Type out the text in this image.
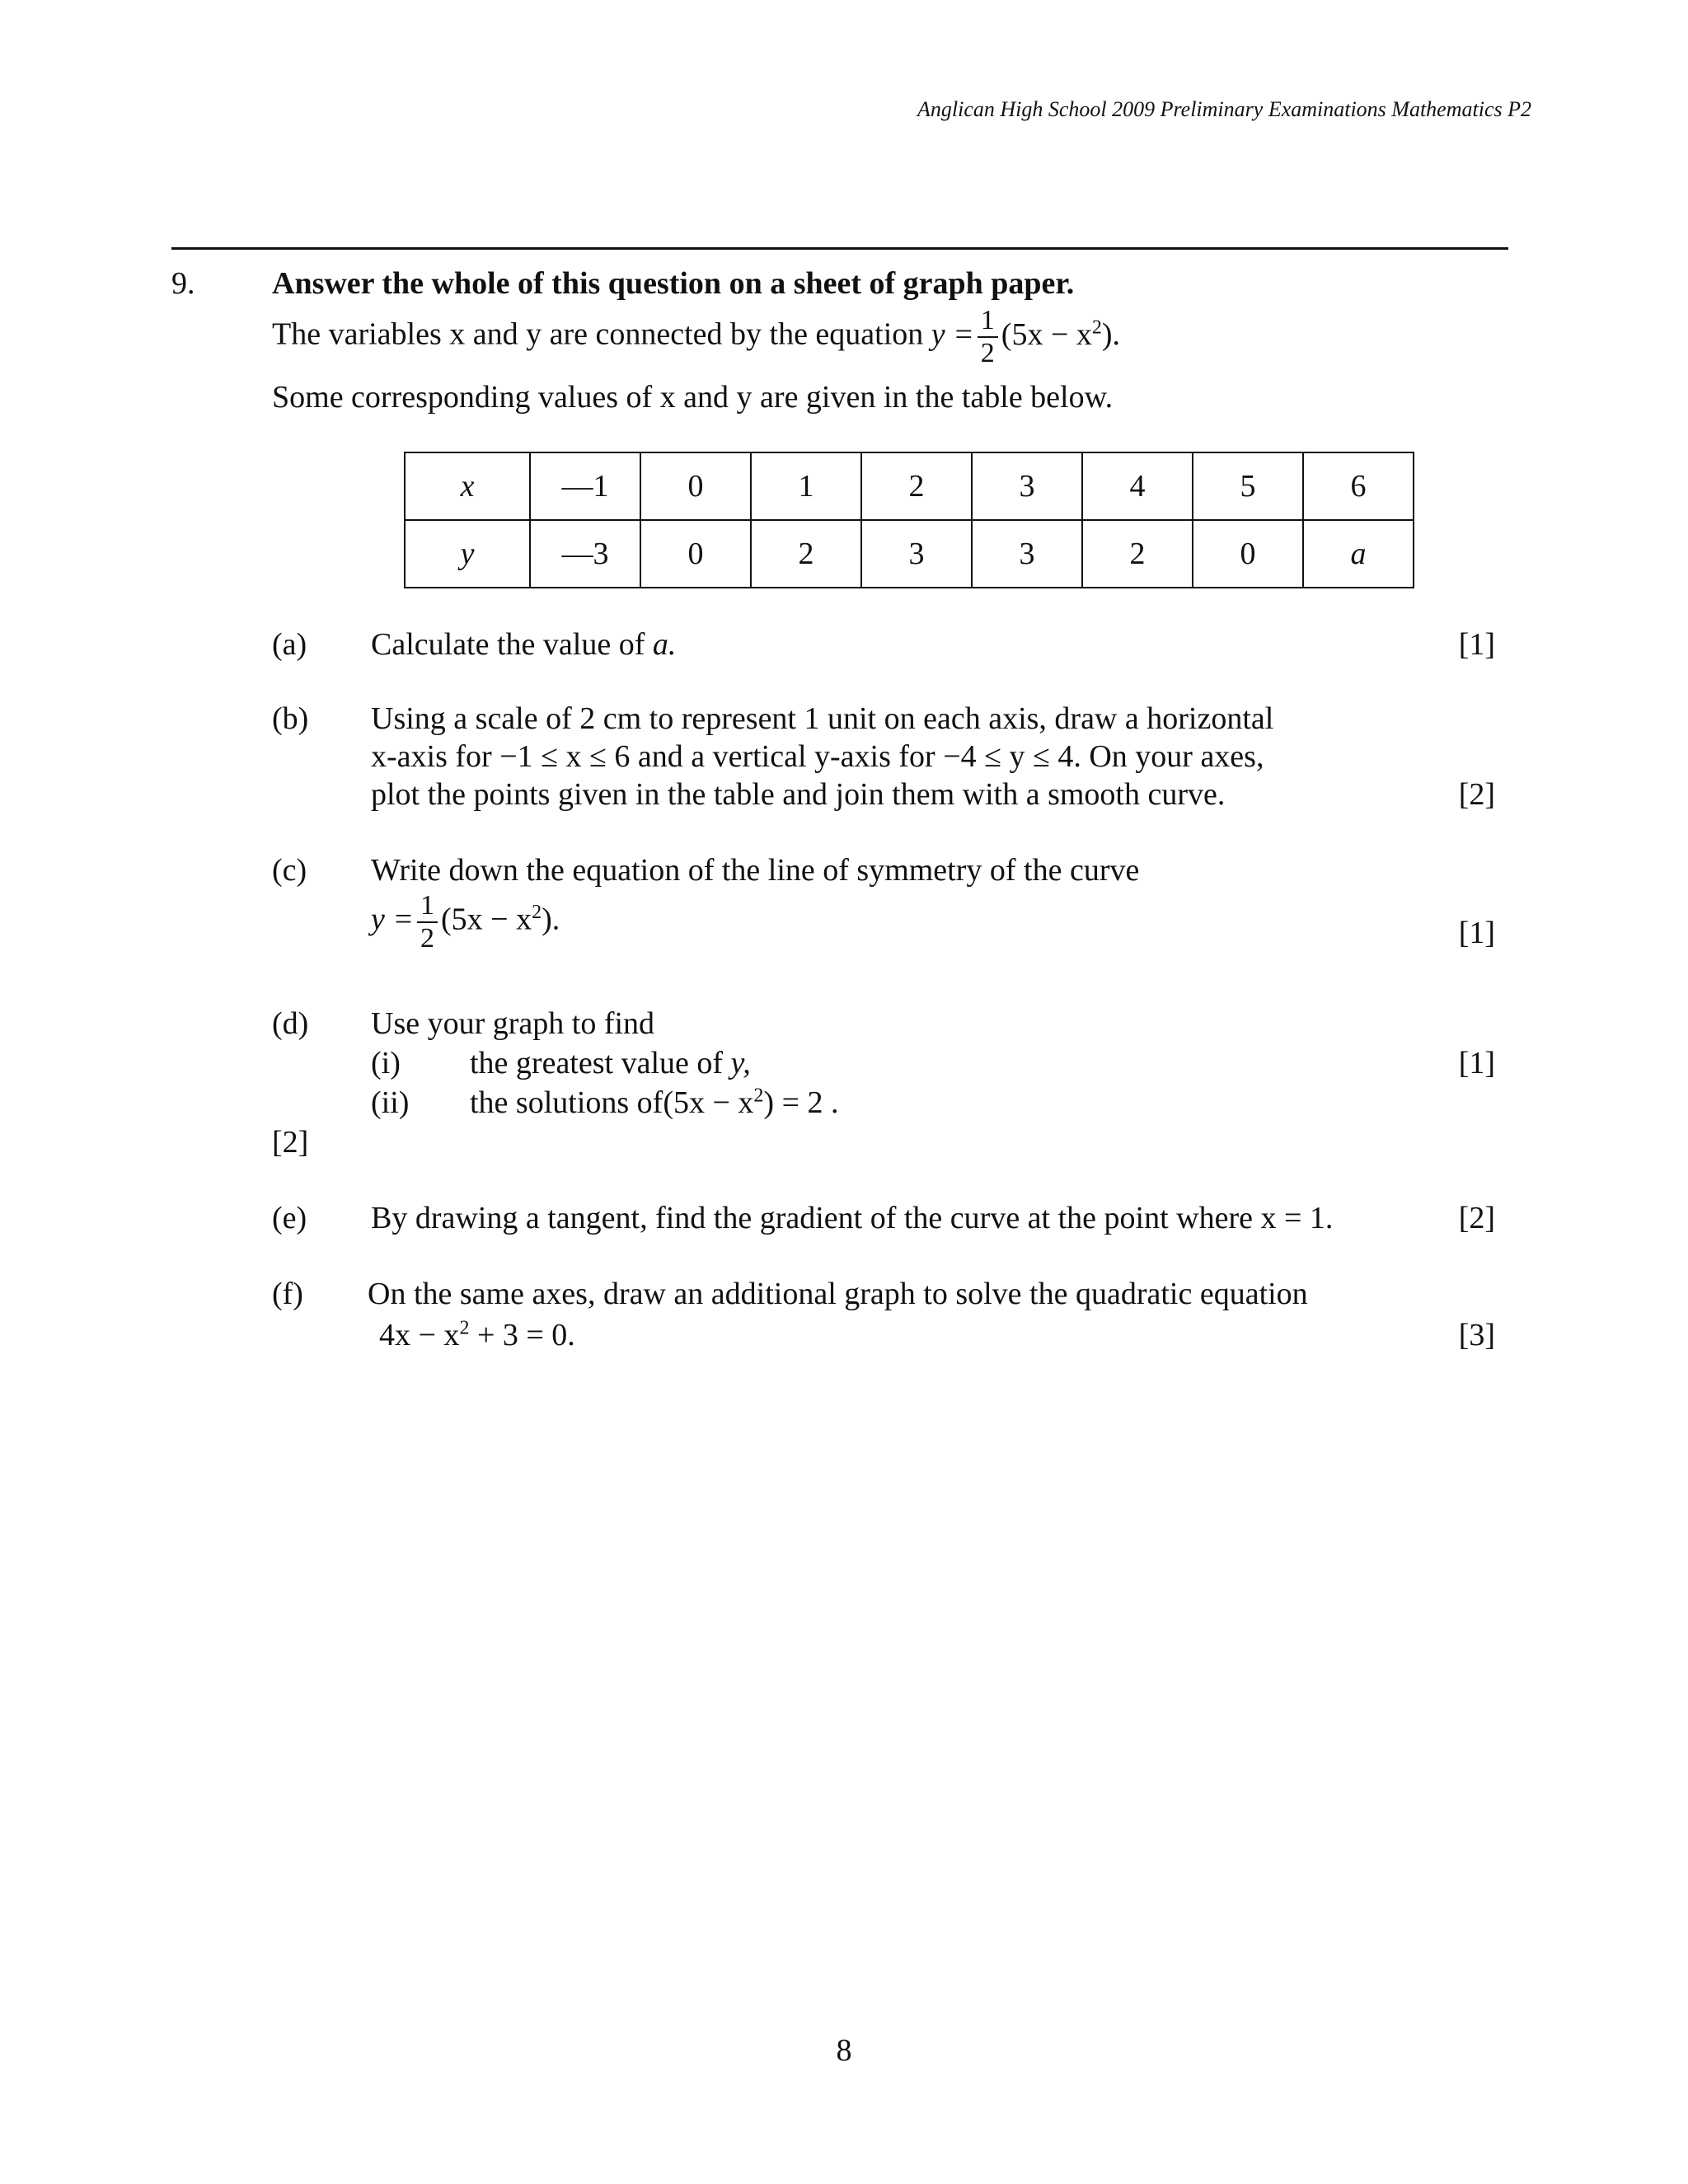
Anglican High School 2009 Preliminary Examinations Mathematics P2
9. Answer the whole of this question on a sheet of graph paper.
The variables x and y are connected by the equation $y = \frac{1}{2} (5x - x^2)$.
Some corresponding values of x and y are given in the table below.
x	—1	0	1	2	3	4	5	6
y	—3	0	2	3	3	2	0	a
(a) Calculate the value of a.	[1]
(b) Using a scale of 2 cm to represent 1 unit on each axis, draw a horizontal
x-axis for −1 ≤ x ≤ 6 and a vertical y-axis for −4 ≤ y ≤ 4. On your axes,
plot the points given in the table and join them with a smooth curve.	[2]
(c) Write down the equation of the line of symmetry of the curve
$y = \frac{1}{2} (5x - x^2)$.	[1]
(d) Use your graph to find
(i) the greatest value of y,	[1]
(ii) the solutions $of(5x - x^2) = 2$ .
[2]
(e) By drawing a tangent, find the gradient of the curve at the point where x = 1.	[2]
(f) On the same axes, draw an additional graph to solve the quadratic equation
$4x - x^2 + 3 = 0$.	[3]
8
